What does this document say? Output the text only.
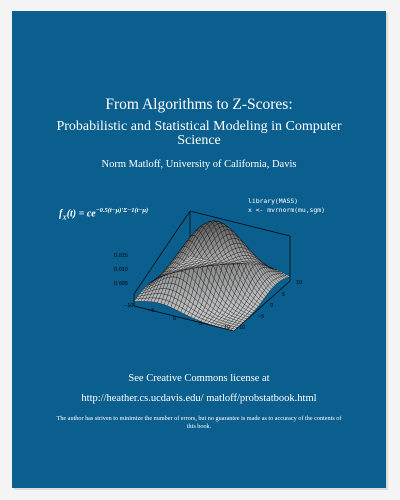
From Algorithms to Z-Scores:
Probabilistic and Statistical Modeling in Computer Science
Norm Matloff, University of California, Davis
$f_X(t) = ce^{-0.5(t-\mu)'\Sigma-1(t-\mu)}$
library(MASS)
x <- mvrnorm(mu,sgm)
0.015
0.010
0.005
−10
−5
0
5
10
10
5
0
−5
−10
See Creative Commons license at
http://heather.cs.ucdavis.edu/ matloff/probstatbook.html
The author has striven to minimize the number of errors, but no guarantee is made as to accuracy of the contents of this book.
